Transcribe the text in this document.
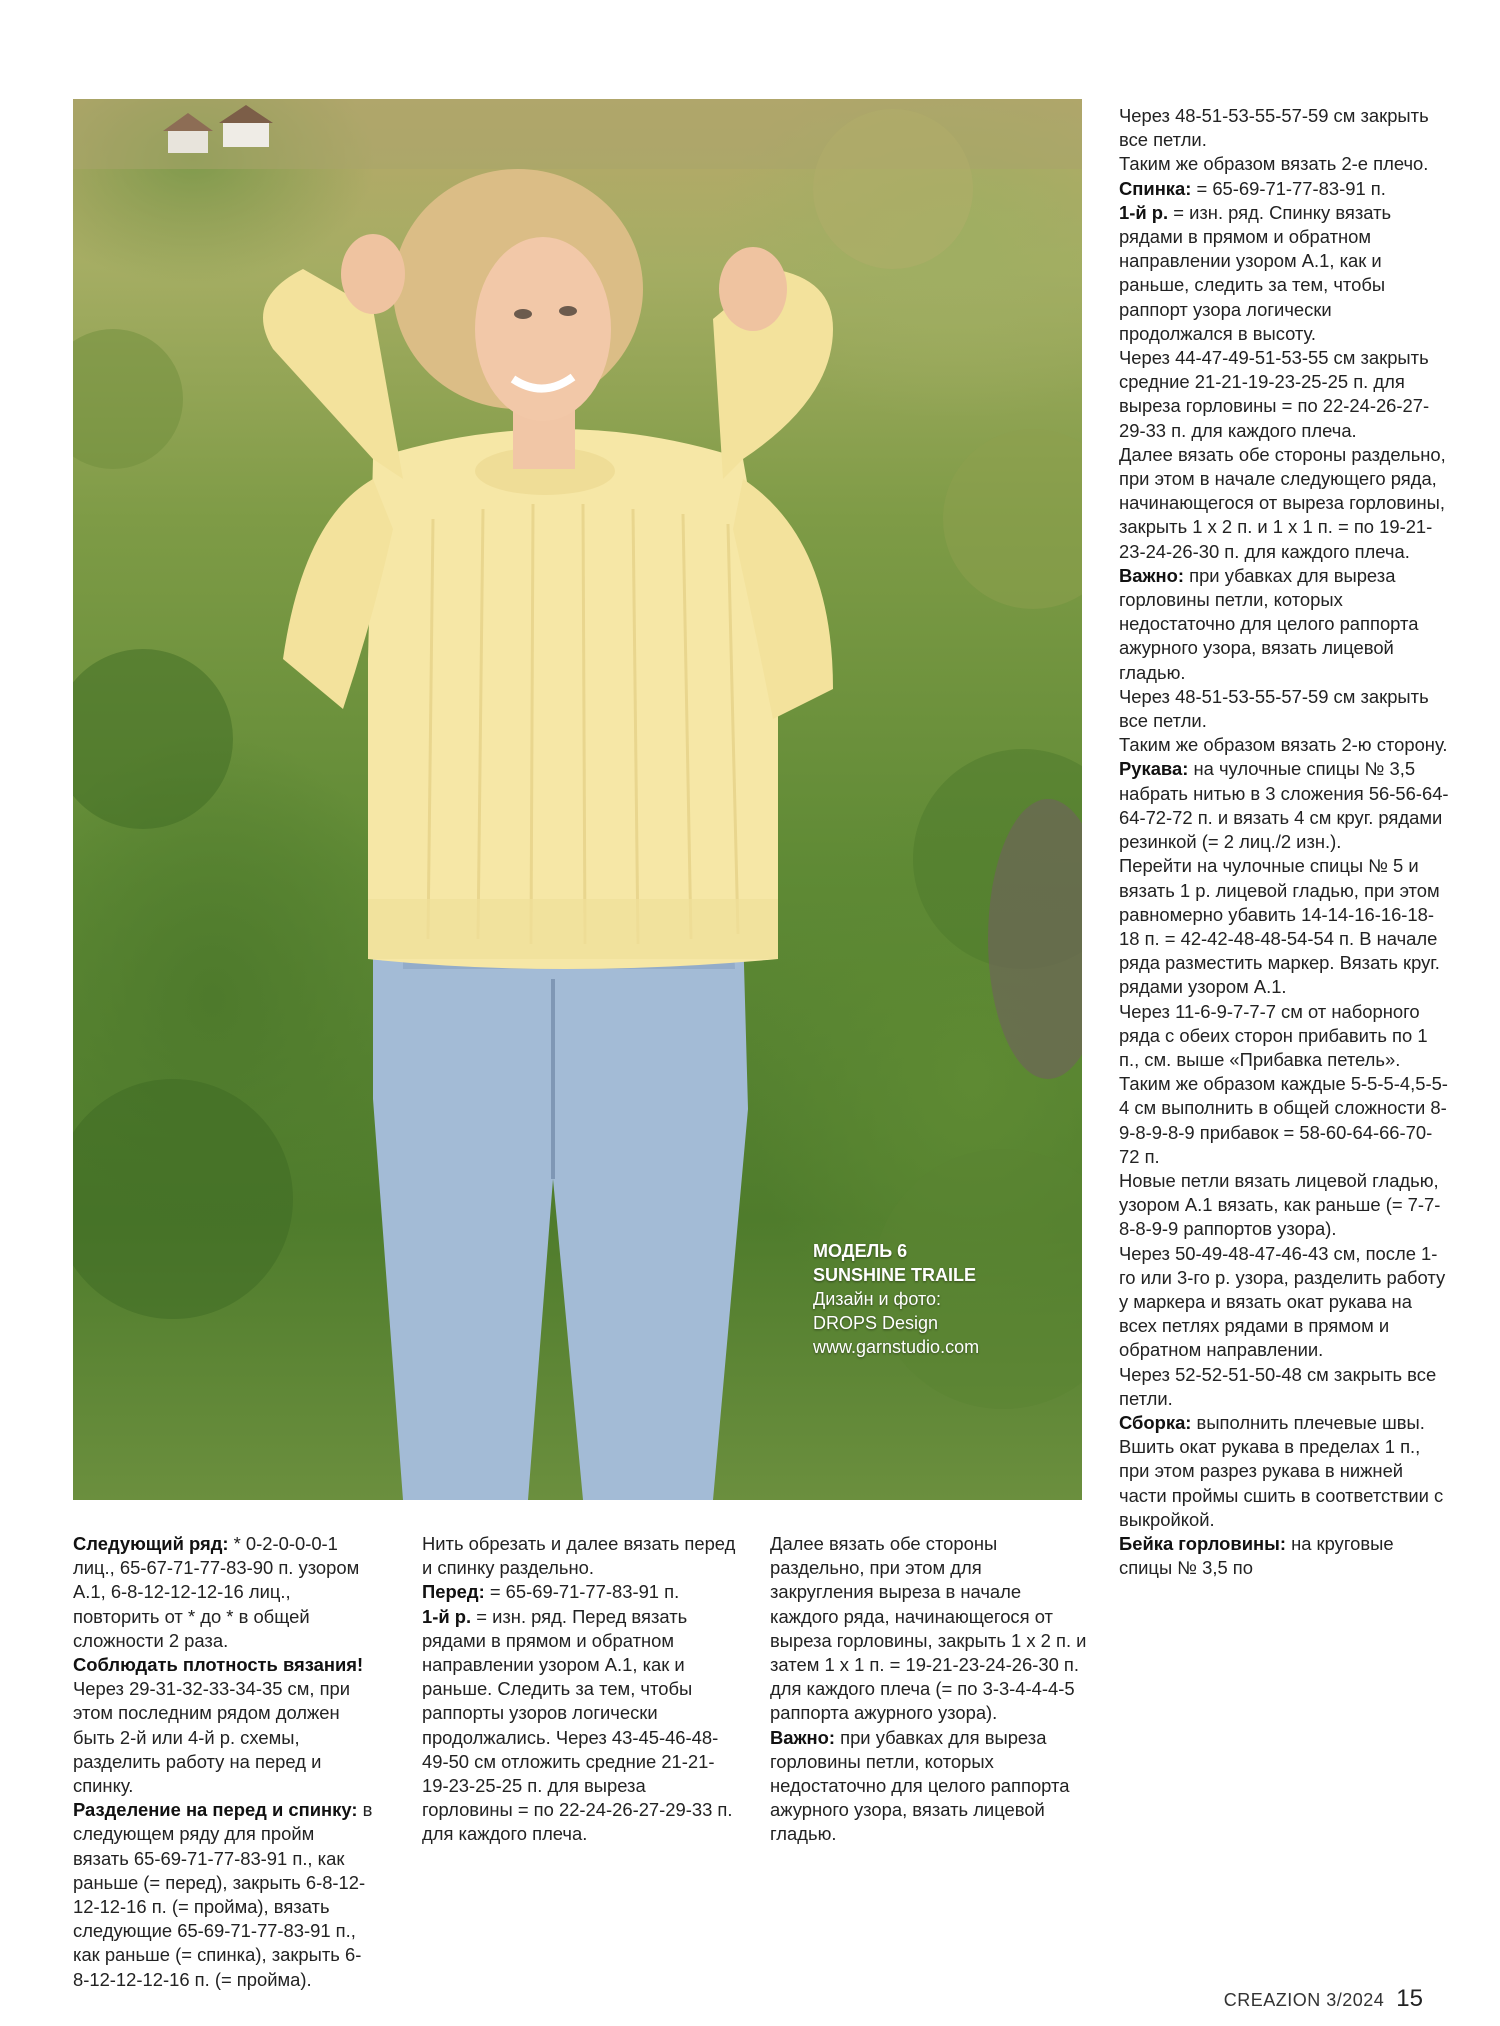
МОДЕЛЬ 6
SUNSHINE TRAILE
Дизайн и фото:
DROPS Design
www.garnstudio.com

Следующий ряд: * 0-2-0-0-0-1 лиц., 65-67-71-77-83-90 п. узором A.1, 6-8-12-12-12-16 лиц., повторить от * до * в общей сложности 2 раза.

Соблюдать плотность вязания!

Через 29-31-32-33-34-35 см, при этом последним рядом должен быть 2-й или 4-й р. схемы, разделить работу на перед и спинку.

Разделение на перед и спинку: в следующем ряду для пройм вязать 65-69-71-77-83-91 п., как раньше (= перед), закрыть 6-8-12-12-12-16 п. (= пройма), вязать следующие 65-69-71-77-83-91 п., как раньше (= спинка), закрыть 6-8-12-12-12-16 п. (= пройма).

Нить обрезать и далее вязать перед и спинку раздельно.

Перед: = 65-69-71-77-83-91 п.

1-й р. = изн. ряд. Перед вязать рядами в прямом и обратном направлении узором A.1, как и раньше. Следить за тем, чтобы раппорты узоров логически продолжались. Через 43-45-46-48-49-50 см отложить средние 21-21-19-23-25-25 п. для выреза горловины = по 22-24-26-27-29-33 п. для каждого плеча.

Далее вязать обе стороны раздельно, при этом для закругления выреза в начале каждого ряда, начинающегося от выреза горловины, закрыть 1 х 2 п. и затем 1 х 1 п. = 19-21-23-24-26-30 п. для каждого плеча (= по 3-3-4-4-4-5 раппорта ажурного узора).

Важно: при убавках для выреза горловины петли, которых недостаточно для целого раппорта ажурного узора, вязать лицевой гладью.

Через 48-51-53-55-57-59 см закрыть все петли.

Таким же образом вязать 2-е плечо.

Спинка: = 65-69-71-77-83-91 п.

1-й р. = изн. ряд. Спинку вязать рядами в прямом и обратном направлении узором A.1, как и раньше, следить за тем, чтобы раппорт узора логически продолжался в высоту.

Через 44-47-49-51-53-55 см закрыть средние 21-21-19-23-25-25 п. для выреза горловины = по 22-24-26-27-29-33 п. для каждого плеча.

Далее вязать обе стороны раздельно, при этом в начале следующего ряда, начинающегося от выреза горловины, закрыть 1 х 2 п. и 1 х 1 п. = по 19-21-23-24-26-30 п. для каждого плеча.

Важно: при убавках для выреза горловины петли, которых недостаточно для целого раппорта ажурного узора, вязать лицевой гладью.

Через 48-51-53-55-57-59 см закрыть все петли.

Таким же образом вязать 2-ю сторону.

Рукава: на чулочные спицы № 3,5 набрать нитью в 3 сложения 56-56-64-64-72-72 п. и вязать 4 см круг. рядами резинкой (= 2 лиц./2 изн.).

Перейти на чулочные спицы № 5 и вязать 1 р. лицевой гладью, при этом равномерно убавить 14-14-16-16-18-18 п. = 42-42-48-48-54-54 п. В начале ряда разместить маркер. Вязать круг. рядами узором A.1.

Через 11-6-9-7-7-7 см от наборного ряда с обеих сторон прибавить по 1 п., см. выше «Прибавка петель».

Таким же образом каждые 5-5-5-4,5-5-4 см выполнить в общей сложности 8-9-8-9-8-9 прибавок = 58-60-64-66-70-72 п.

Новые петли вязать лицевой гладью, узором A.1 вязать, как раньше (= 7-7-8-8-9-9 раппортов узора).

Через 50-49-48-47-46-43 см, после 1-го или 3-го р. узора, разделить работу у маркера и вязать окат рукава на всех петлях рядами в прямом и обратном направлении.

Через 52-52-51-50-48 см закрыть все петли.

Сборка: выполнить плечевые швы. Вшить окат рукава в пределах 1 п., при этом разрез рукава в нижней части проймы сшить в соответствии с выкройкой.

Бейка горловины: на круговые спицы № 3,5 по

CREAZION 3/2024 15
